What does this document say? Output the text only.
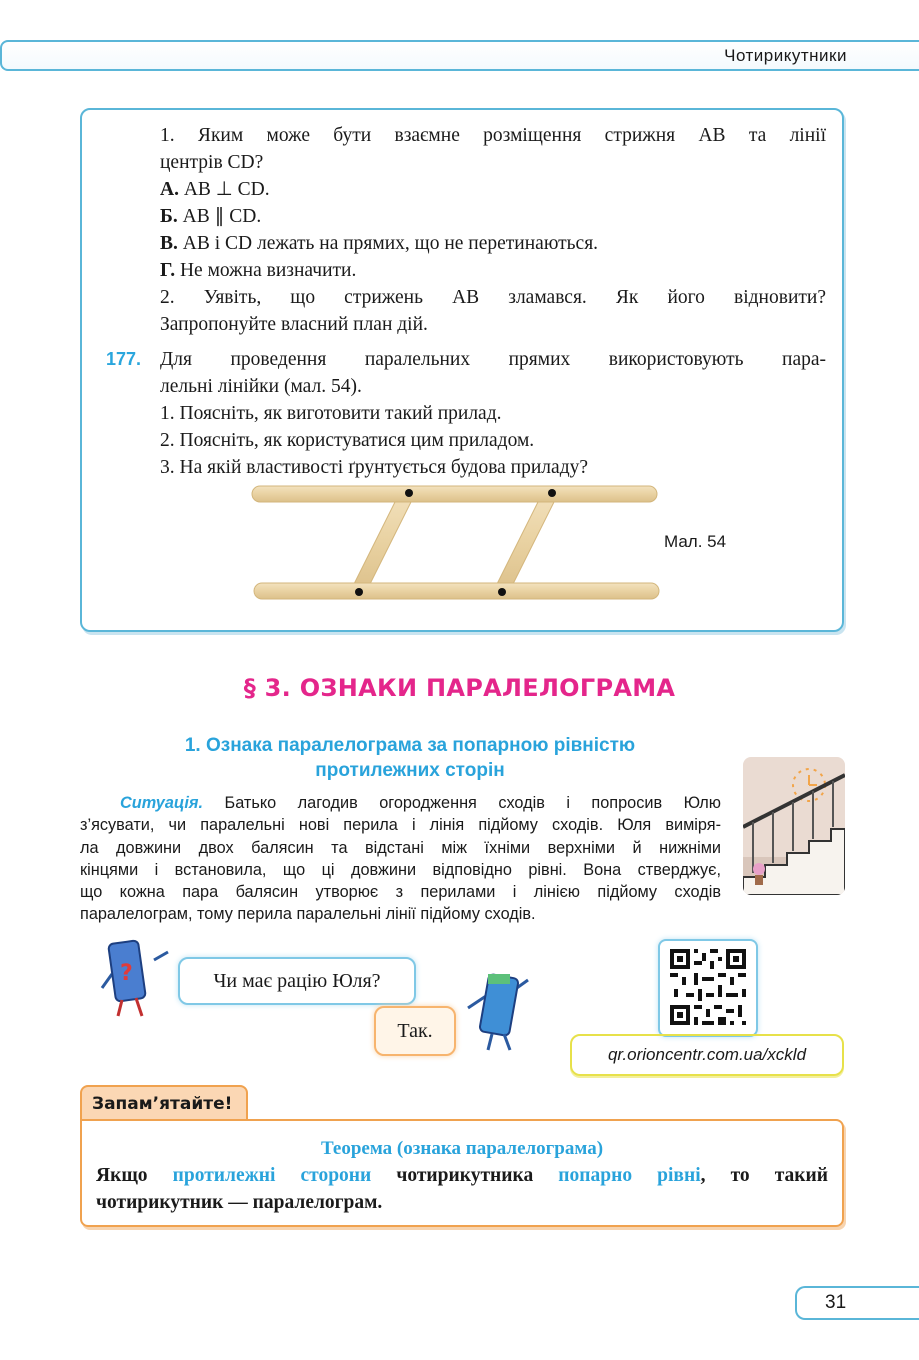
Чотирикутники
1. Яким може бути взаємне розміщення стрижня AB та лінії
центрів CD?
А. AB ⊥ CD.
Б. AB ∥ CD.
В. AB і CD лежать на прямих, що не перетинаються.
Г. Не можна визначити.
2. Уявіть, що стрижень AB зламався. Як його відновити?
Запропонуйте власний план дій.
177. Для проведення паралельних прямих використовують пара-
лельні лінійки (мал. 54).
1. Поясніть, як виготовити такий прилад.
2. Поясніть, як користуватися цим приладом.
3. На якій властивості ґрунтується будова приладу?
Мал. 54
§ 3. ОЗНАКИ ПАРАЛЕЛОГРАМА
1. Ознака паралелограма за попарною рівністю
протилежних сторін
Ситуація. Батько лагодив огородження сходів і попросив Юлю
з’ясувати, чи паралельні нові перила і лінія підйому сходів. Юля виміря-
ла довжини двох балясин та відстані між їхніми верхніми й нижніми
кінцями і встановила, що ці довжини відповідно рівні. Вона стверджує,
що кожна пара балясин утворює з перилами і лінією підйому сходів
паралелограм, тому перила паралельні лінії підйому сходів.
?	Чи має рацію Юля?
Так.
qr.orioncentr.com.ua/xckld
Запам’ятайте!
Теорема (ознака паралелограма)
Якщо протилежні сторони чотирикутника попарно рівні, то такий
чотирикутник — паралелограм.
31
